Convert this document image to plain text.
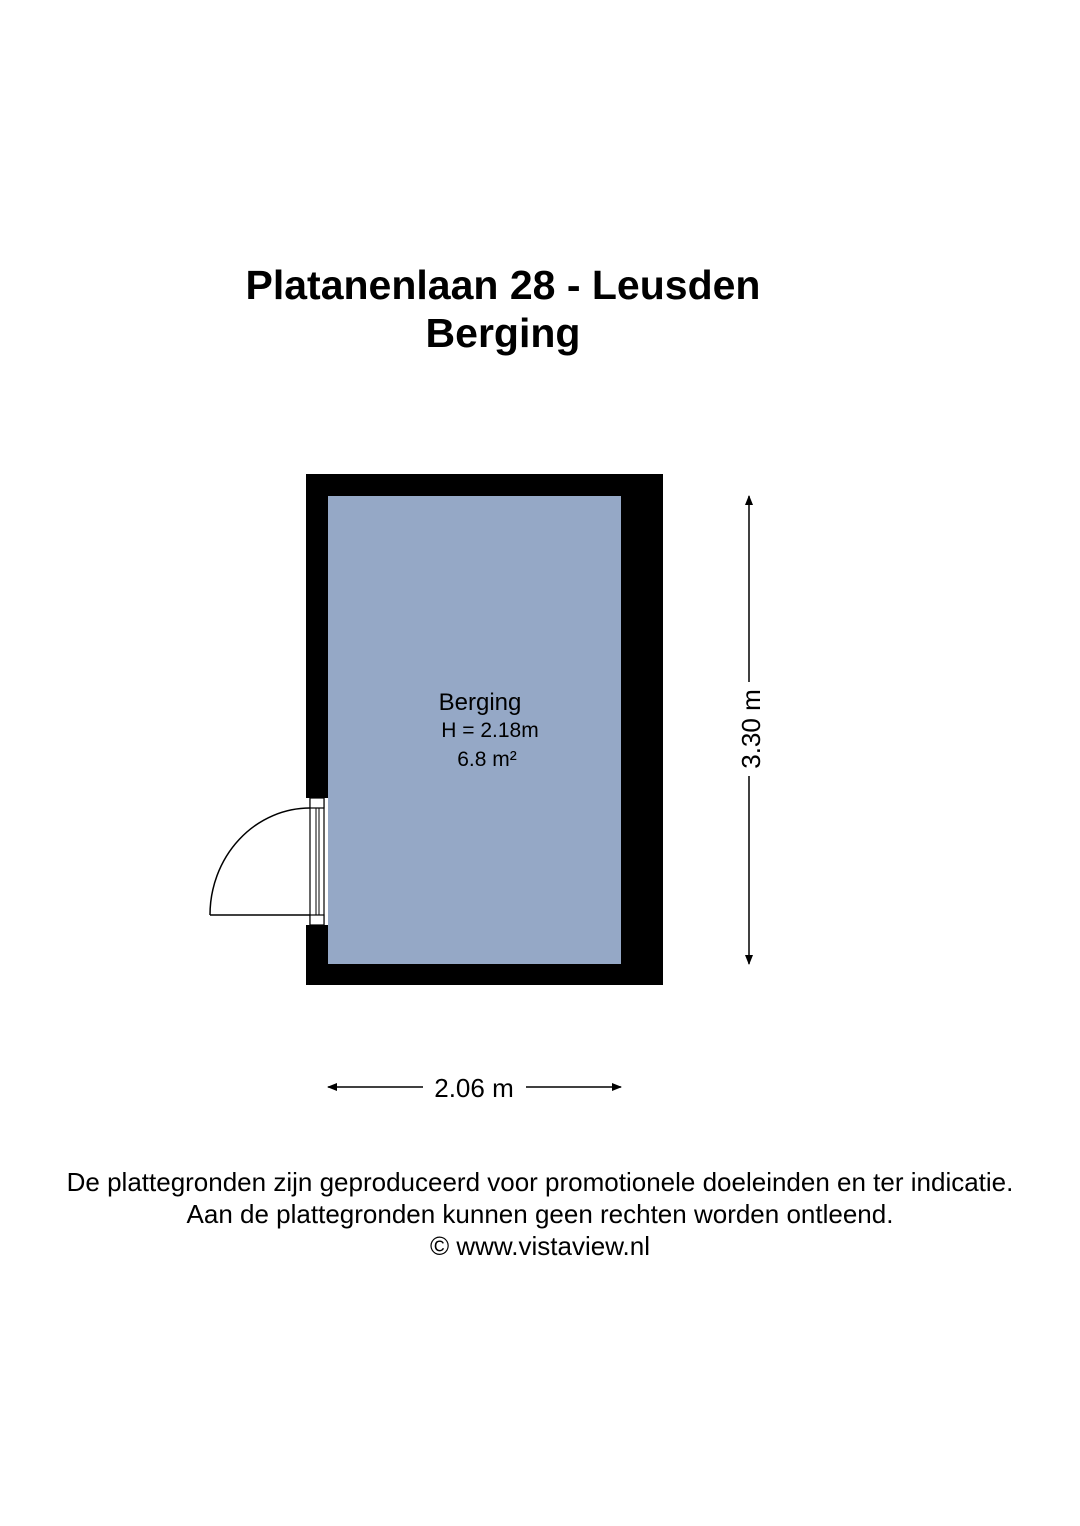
Platanenlaan 28 - Leusden
Berging
Berging
H = 2.18m
6.8 m²	3.30 m
2.06 m
De plattegronden zijn geproduceerd voor promotionele doeleinden en ter indicatie.
Aan de plattegronden kunnen geen rechten worden ontleend.
© www.vistaview.nl
